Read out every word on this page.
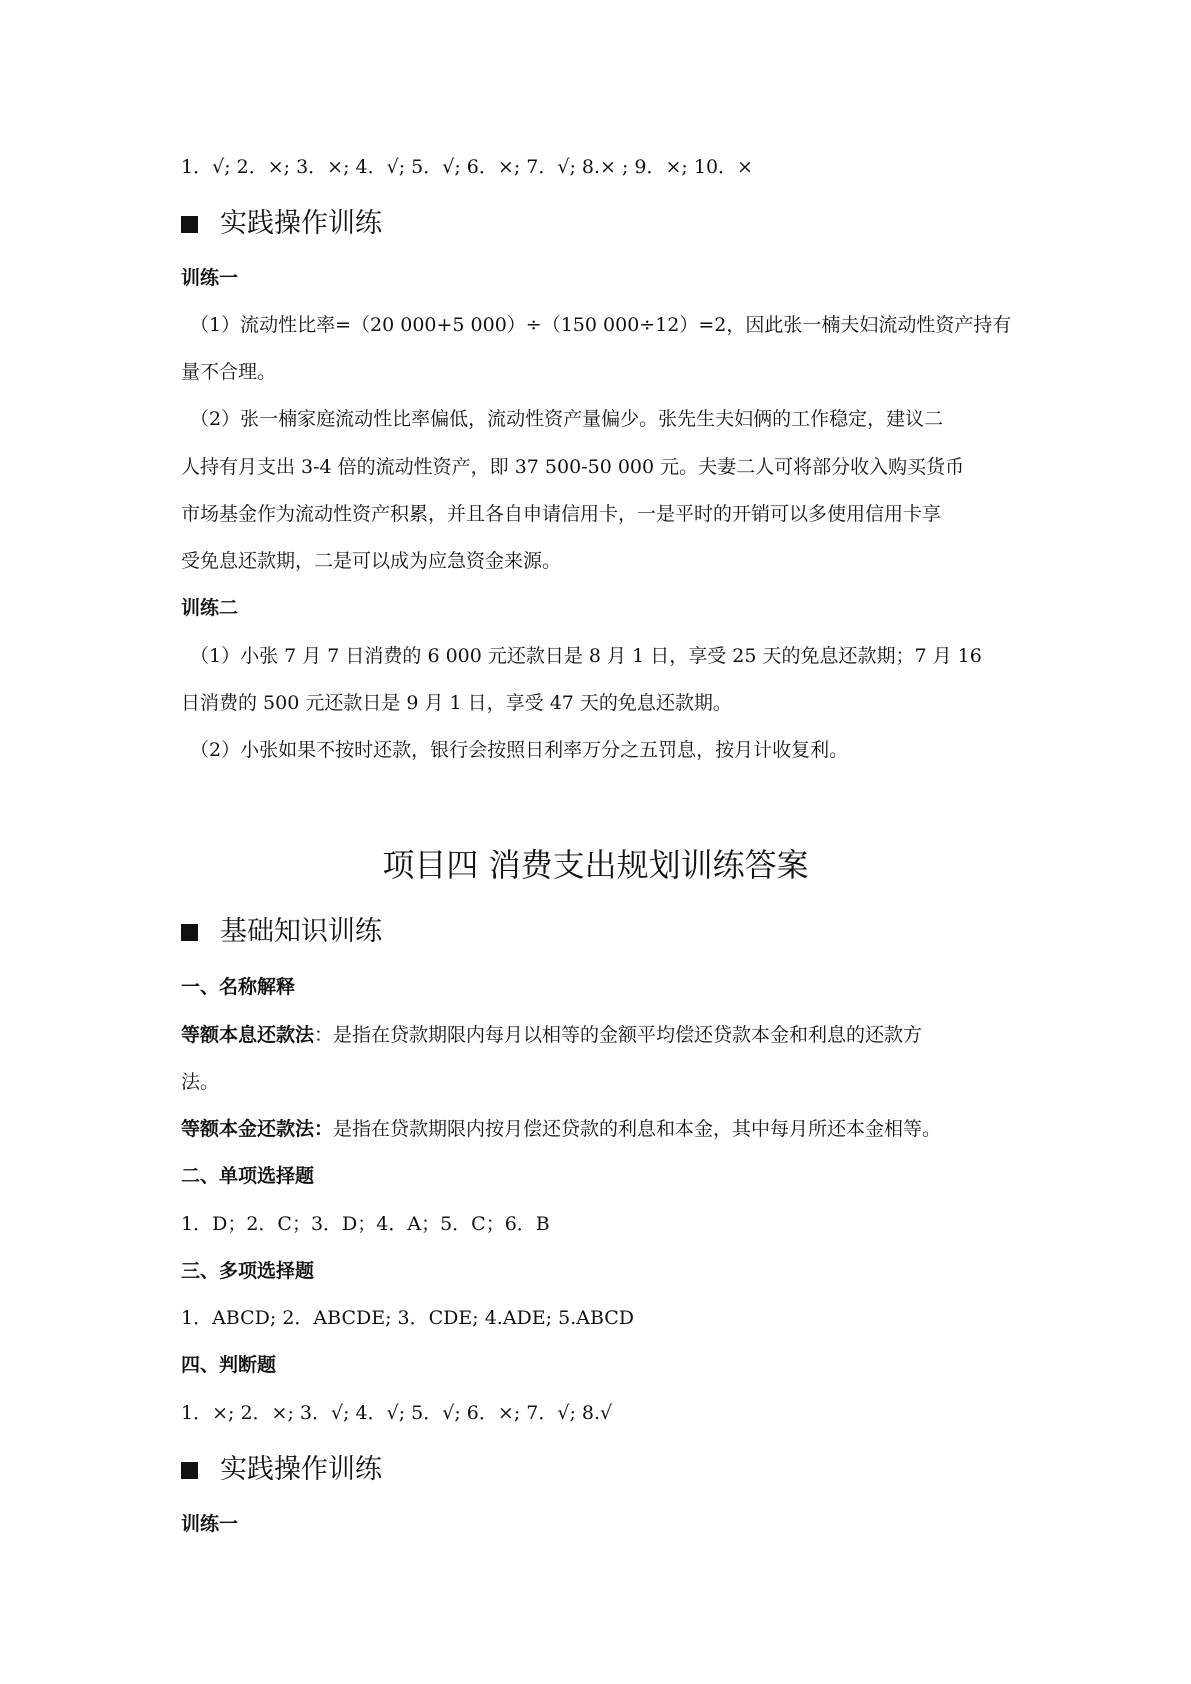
1．√; 2．×; 3．×; 4．√; 5．√; 6．×; 7．√; 8.× ; 9．×; 10．×
实践操作训练
训练一
（1）流动性比率=（20 000+5 000）÷（150 000÷12）=2，因此张一楠夫妇流动性资产持有
量不合理。
（2）张一楠家庭流动性比率偏低，流动性资产量偏少。张先生夫妇俩的工作稳定，建议二
人持有月支出 3-4 倍的流动性资产，即 37 500-50 000 元。夫妻二人可将部分收入购买货币
市场基金作为流动性资产积累，并且各自申请信用卡，一是平时的开销可以多使用信用卡享
受免息还款期，二是可以成为应急资金来源。
训练二
（1）小张 7 月 7 日消费的 6 000 元还款日是 8 月 1 日，享受 25 天的免息还款期；7 月 16
日消费的 500 元还款日是 9 月 1 日，享受 47 天的免息还款期。
（2）小张如果不按时还款，银行会按照日利率万分之五罚息，按月计收复利。
项目四 消费支出规划训练答案
基础知识训练
一、名称解释
等额本息还款法：是指在贷款期限内每月以相等的金额平均偿还贷款本金和利息的还款方
法。
等额本金还款法：是指在贷款期限内按月偿还贷款的利息和本金，其中每月所还本金相等。
二、单项选择题
1．D；2．C；3．D；4．A；5．C；6．B
三、多项选择题
1．ABCD; 2．ABCDE; 3．CDE; 4.ADE; 5.ABCD
四、判断题
1．×; 2．×; 3．√; 4．√; 5．√; 6．×; 7．√; 8.√
实践操作训练
训练一
